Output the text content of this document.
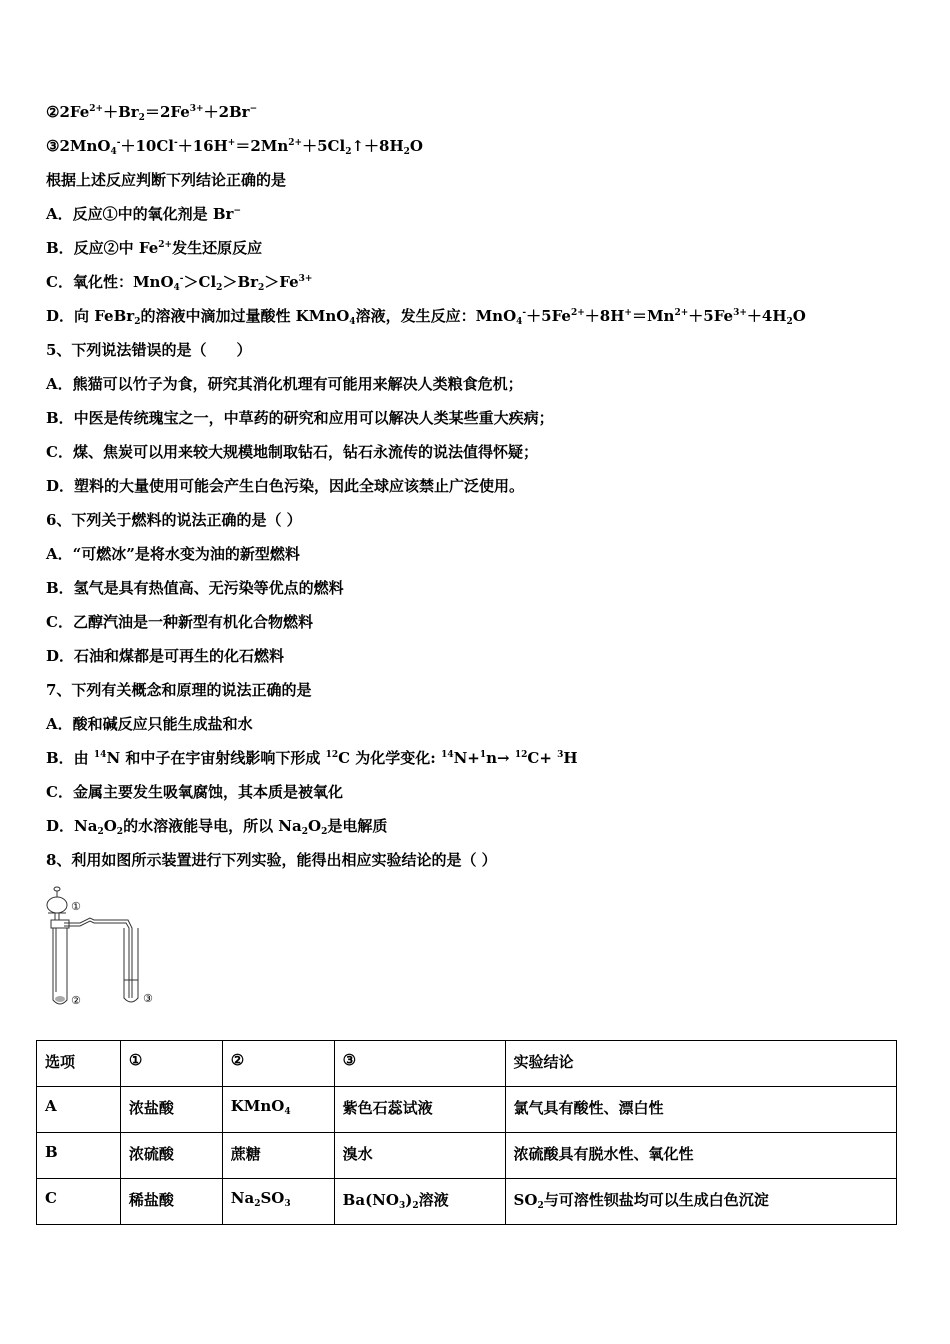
$②2Fe^{2+}+Br_2=2Fe^{3+}+2Br^-$
$③2MnO_4^-+10Cl^-+16H^+=2Mn^{2+}+5Cl_2↑+8H_2O$
根据上述反应判断下列结论正确的是
A．反应①中的氧化剂是 Br−
B．反应②中 $Fe^{2+}$发生还原反应
C．氧化性：$MnO_4^->Cl_2>Br_2>Fe^{3+}$
D．向 FeBr$_2$的溶液中滴加过量酸性 KMnO$_4$溶液，发生反应：$MnO_4^-+5Fe^{2+}+8H^+=Mn^{2+}+5Fe^{3+}+4H_2O$
5、下列说法错误的是（　　）
A．熊猫可以竹子为食，研究其消化机理有可能用来解决人类粮食危机；
B．中医是传统瑰宝之一，中草药的研究和应用可以解决人类某些重大疾病；
C．煤、焦炭可以用来较大规模地制取钻石，钻石永流传的说法值得怀疑；
D．塑料的大量使用可能会产生白色污染，因此全球应该禁止广泛使用。
6、下列关于燃料的说法正确的是（ ）
A．“可燃冰”是将水变为油的新型燃料
B．氢气是具有热值高、无污染等优点的燃料
C．乙醇汽油是一种新型有机化合物燃料
D．石油和煤都是可再生的化石燃料
7、下列有关概念和原理的说法正确的是
A．酸和碱反应只能生成盐和水
B．由 $^{14}$N 和中子在宇宙射线影响下形成 $^{12}$C 为化学变化: $^{14}$N+$^1$n→ $^{12}$C+ $^3$H
C．金属主要发生吸氧腐蚀，其本质是被氧化
D．$Na_2O_2$的水溶液能导电，所以 $Na_2O_2$是电解质
8、利用如图所示装置进行下列实验，能得出相应实验结论的是（ ）
①
②	③
选项	①	②	③	实验结论
A	浓盐酸	KMnO$_4$	紫色石蕊试液	氯气具有酸性、漂白性
B	浓硫酸	蔗糖	溴水	浓硫酸具有脱水性、氧化性
C	稀盐酸	$Na_2SO_3$	$Ba(NO_3)_2$溶液	$SO_2$与可溶性钡盐均可以生成白色沉淀
